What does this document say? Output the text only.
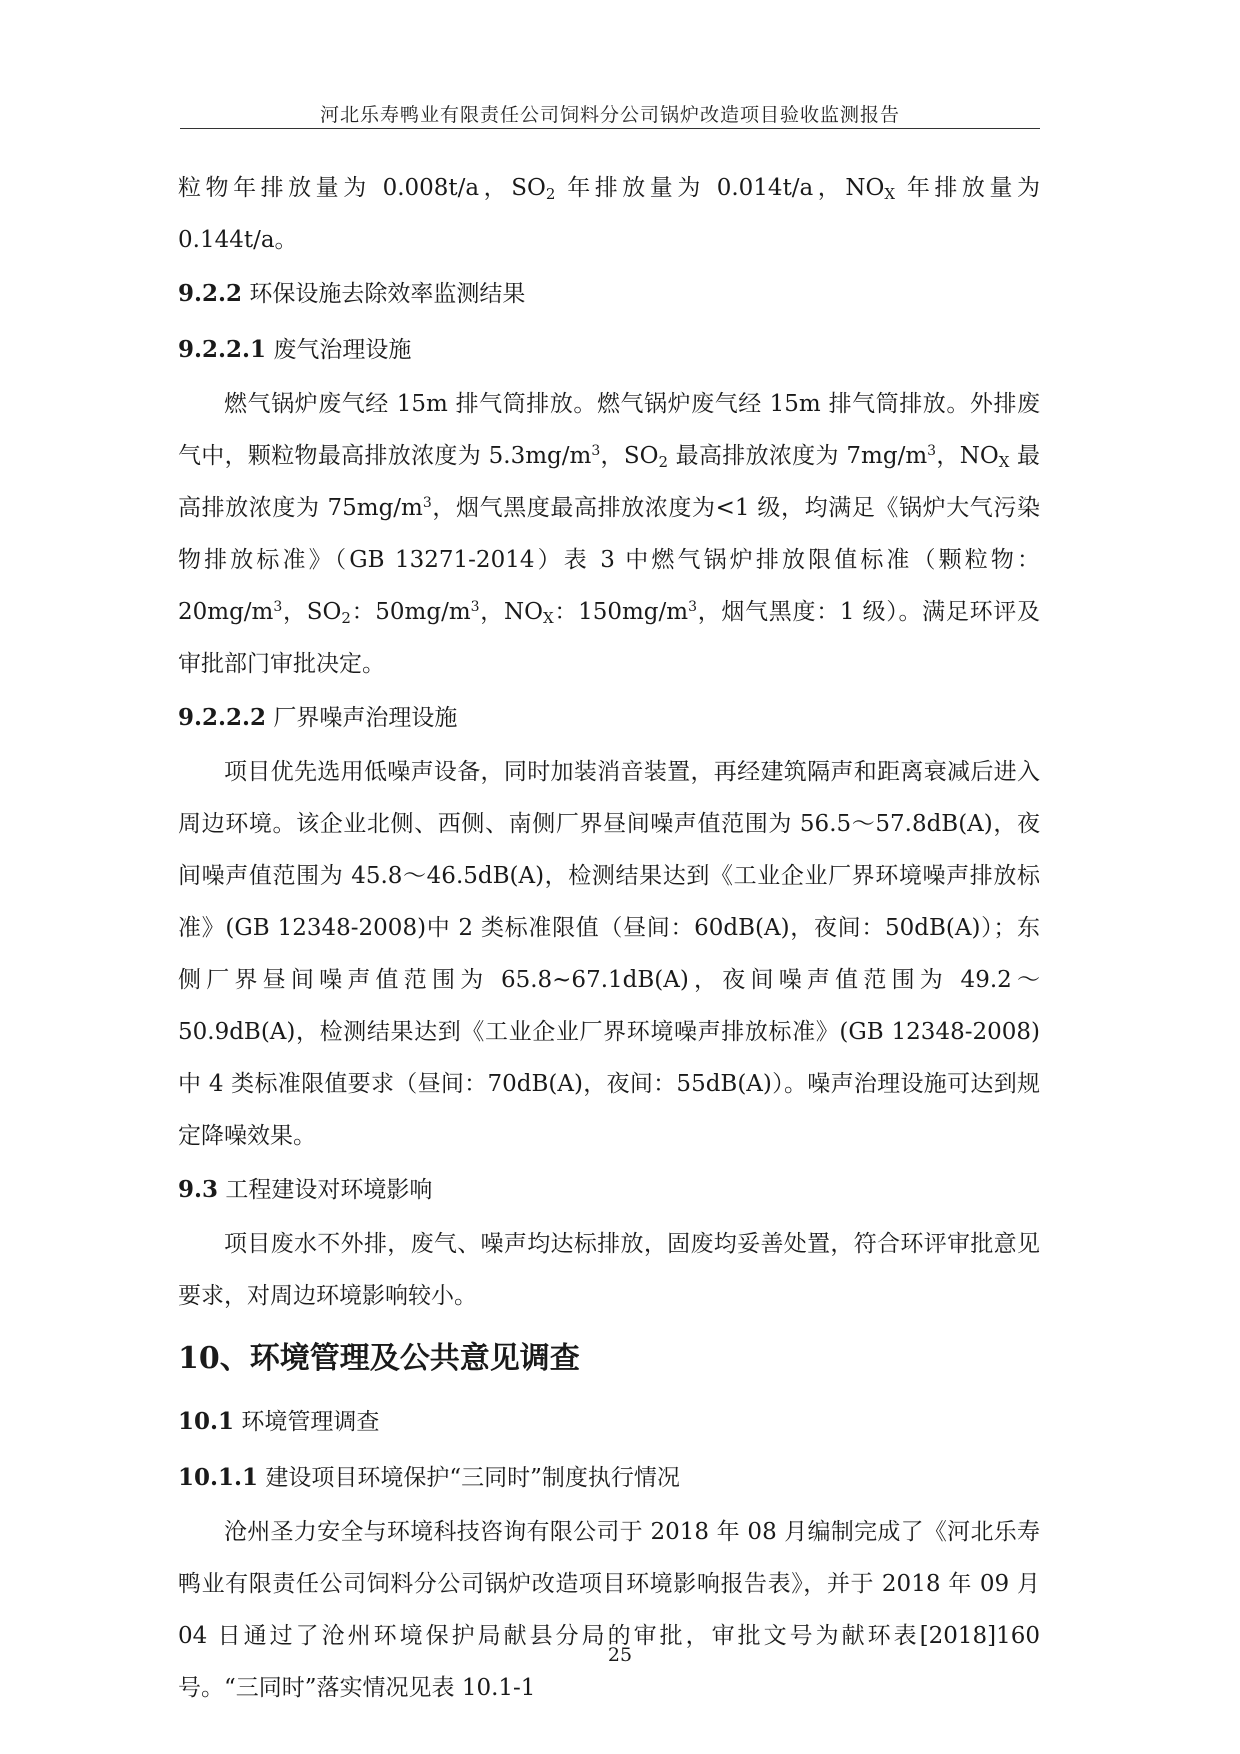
河北乐寿鸭业有限责任公司饲料分公司锅炉改造项目验收监测报告

粒物年排放量为 0.008t/a，$SO_2$ 年排放量为 0.014t/a，$NO_X$ 年排放量为 0.144t/a。

9.2.2 环保设施去除效率监测结果
9.2.2.1 废气治理设施

燃气锅炉废气经 15m 排气筒排放。燃气锅炉废气经 15m 排气筒排放。外排废气中，颗粒物最高排放浓度为 $5.3mg/m^3$，$SO_2$ 最高排放浓度为 $7mg/m^3$，$NO_X$ 最高排放浓度为 $75mg/m^3$，烟气黑度最高排放浓度为<1 级，均满足《锅炉大气污染物排放标准》（GB 13271-2014）表 3 中燃气锅炉排放限值标准（颗粒物：$20mg/m^3$，$SO_2$：$50mg/m^3$，$NO_X$：$150mg/m^3$，烟气黑度：1 级）。满足环评及审批部门审批决定。

9.2.2.2 厂界噪声治理设施

项目优先选用低噪声设备，同时加装消音装置，再经建筑隔声和距离衰减后进入周边环境。该企业北侧、西侧、南侧厂界昼间噪声值范围为 56.5～57.8dB(A)，夜间噪声值范围为 45.8～46.5dB(A)，检测结果达到《工业企业厂界环境噪声排放标准》(GB 12348-2008)中 2 类标准限值（昼间：60dB(A)，夜间：50dB(A)）；东侧厂界昼间噪声值范围为 65.8~67.1dB(A)，夜间噪声值范围为 49.2～50.9dB(A)，检测结果达到《工业企业厂界环境噪声排放标准》(GB 12348-2008)中 4 类标准限值要求（昼间：70dB(A)，夜间：55dB(A)）。噪声治理设施可达到规定降噪效果。

9.3 工程建设对环境影响

项目废水不外排，废气、噪声均达标排放，固废均妥善处置，符合环评审批意见要求，对周边环境影响较小。

10、环境管理及公共意见调查
10.1 环境管理调查
10.1.1 建设项目环境保护“三同时”制度执行情况

沧州圣力安全与环境科技咨询有限公司于 2018 年 08 月编制完成了《河北乐寿鸭业有限责任公司饲料分公司锅炉改造项目环境影响报告表》，并于 2018 年 09 月 04 日通过了沧州环境保护局献县分局的审批，审批文号为献环表[2018]160 号。“三同时”落实情况见表 10.1-1

25
